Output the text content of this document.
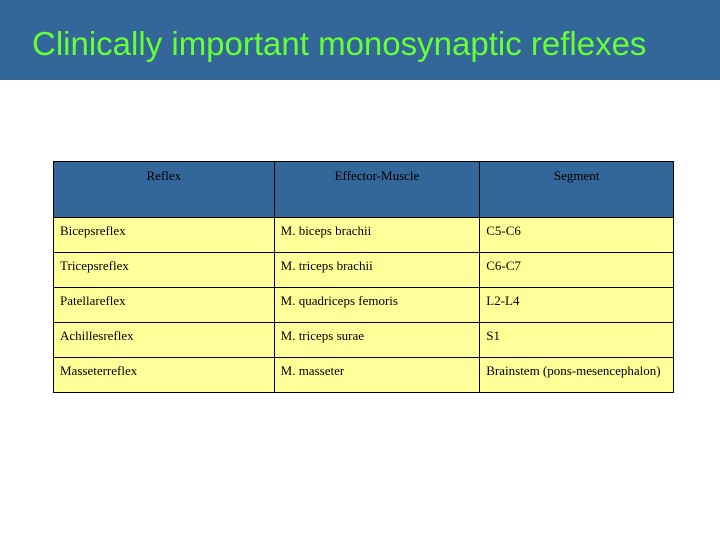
Clinically important monosynaptic reflexes
Reflex	Effector-Muscle	Segment
Bicepsreflex	M. biceps brachii	C5-C6
Tricepsreflex	M. triceps brachii	C6-C7
Patellareflex	M. quadriceps femoris	L2-L4
Achillesreflex	M. triceps surae	S1
Masseterreflex	M. masseter	Brainstem (pons-mesencephalon)
